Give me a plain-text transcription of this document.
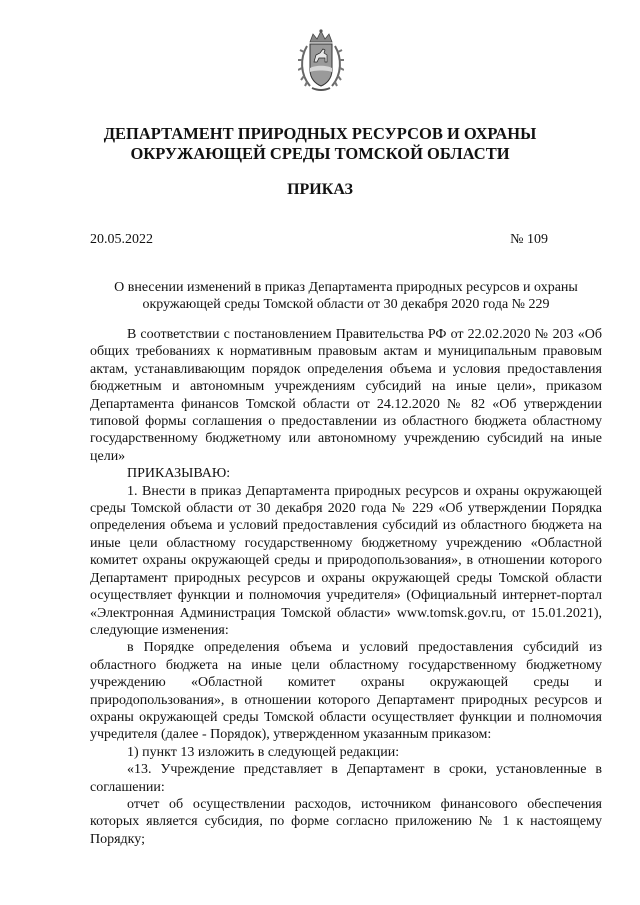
ДЕПАРТАМЕНТ ПРИРОДНЫХ РЕСУРСОВ И ОХРАНЫ
ОКРУЖАЮЩЕЙ СРЕДЫ ТОМСКОЙ ОБЛАСТИ
ПРИКАЗ
20.05.2022	№ 109
О внесении изменений в приказ Департамента природных ресурсов и охраны
окружающей среды Томской области от 30 декабря 2020 года № 229

В соответствии с постановлением Правительства РФ от 22.02.2020 № 203 «Об общих требованиях к нормативным правовым актам и муниципальным правовым актам, устанавливающим порядок определения объема и условия предоставления бюджетным и автономным учреждениям субсидий на иные цели», приказом Департамента финансов Томской области от 24.12.2020 № 82 «Об утверждении типовой формы соглашения о предоставлении из областного бюджета областному государственному бюджетному или автономному учреждению субсидий на иные цели»

ПРИКАЗЫВАЮ:

1. Внести в приказ Департамента природных ресурсов и охраны окружающей среды Томской области от 30 декабря 2020 года № 229 «Об утверждении Порядка определения объема и условий предоставления субсидий из областного бюджета на иные цели областному государственному бюджетному учреждению «Областной комитет охраны окружающей среды и природопользования», в отношении которого Департамент природных ресурсов и охраны окружающей среды Томской области осуществляет функции и полномочия учредителя» (Официальный интернет-портал «Электронная Администрация Томской области» www.tomsk.gov.ru, от 15.01.2021), следующие изменения:

в Порядке определения объема и условий предоставления субсидий из областного бюджета на иные цели областному государственному бюджетному учреждению «Областной комитет охраны окружающей среды и природопользования», в отношении которого Департамент природных ресурсов и охраны окружающей среды Томской области осуществляет функции и полномочия учредителя (далее - Порядок), утвержденном указанным приказом:

1) пункт 13 изложить в следующей редакции:

«13. Учреждение представляет в Департамент в сроки, установленные в соглашении:

отчет об осуществлении расходов, источником финансового обеспечения которых является субсидия, по форме согласно приложению № 1 к настоящему Порядку;
